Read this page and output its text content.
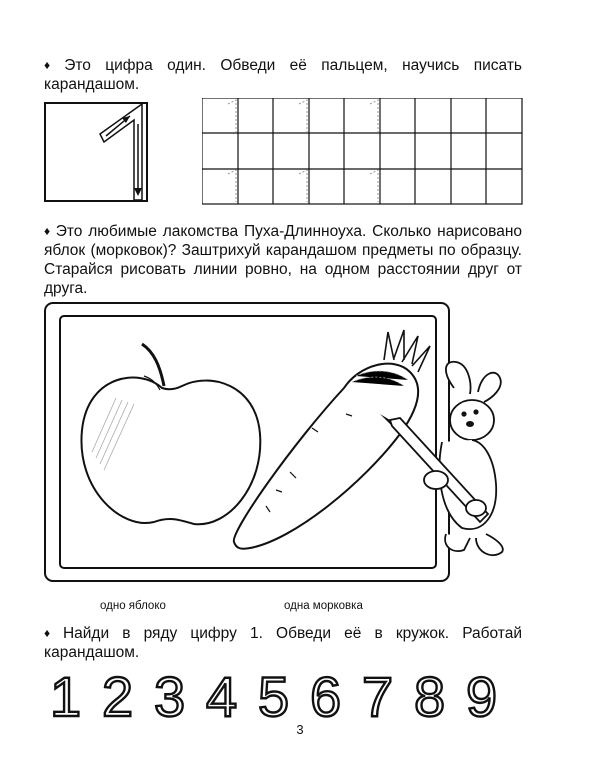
♦ Это цифра один. Обведи её пальцем, научись писать карандашом.
♦ Это любимые лакомства Пуха-Длинноуха. Сколько нарисовано яблок (морковок)? Заштрихуй карандашом предметы по образцу. Старайся рисовать линии ровно, на одном расстоянии друг от друга.
одно яблоко	одна морковка
♦ Найди в ряду цифру 1. Обведи её в кружок. Работай карандашом.
1 2 3 4 5 6 7 8 9
3
